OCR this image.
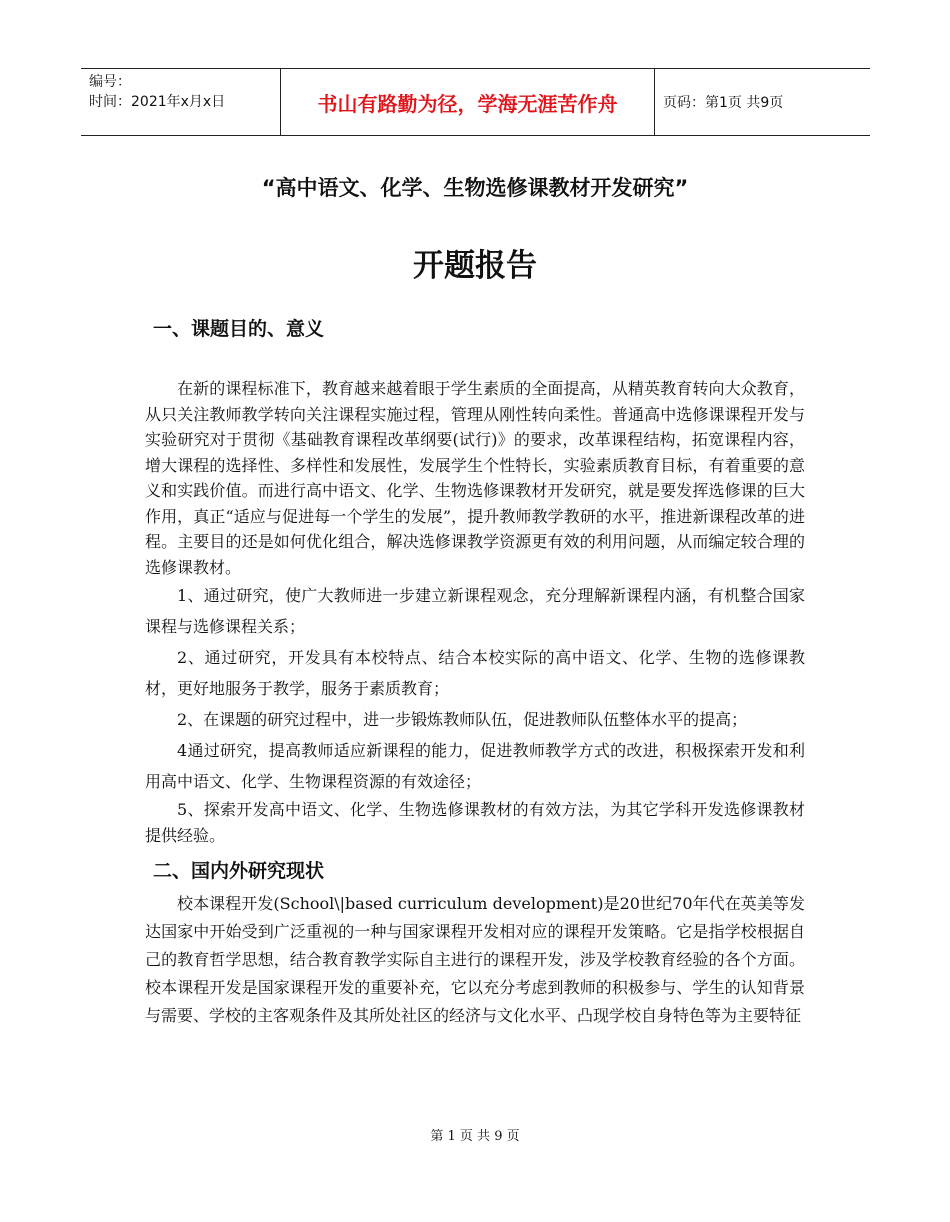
编号：
时间：2021年x月x日	书山有路勤为径，学海无涯苦作舟	页码：第1页 共9页
“高中语文、化学、生物选修课教材开发研究”
开题报告
一、课题目的、意义

在新的课程标准下，教育越来越着眼于学生素质的全面提高，从精英教育转向大众教育，从只关注教师教学转向关注课程实施过程，管理从刚性转向柔性。普通高中选修课课程开发与实验研究对于贯彻《基础教育课程改革纲要(试行)》的要求，改革课程结构，拓宽课程内容，增大课程的选择性、多样性和发展性，发展学生个性特长，实验素质教育目标，有着重要的意义和实践价值。而进行高中语文、化学、生物选修课教材开发研究，就是要发挥选修课的巨大作用，真正“适应与促进每一个学生的发展”，提升教师教学教研的水平，推进新课程改革的进程。主要目的还是如何优化组合，解决选修课教学资源更有效的利用问题，从而编定较合理的选修课教材。

1、通过研究，使广大教师进一步建立新课程观念，充分理解新课程内涵，有机整合国家课程与选修课程关系；

2、通过研究，开发具有本校特点、结合本校实际的高中语文、化学、生物的选修课教材，更好地服务于教学，服务于素质教育；

2、在课题的研究过程中，进一步锻炼教师队伍，促进教师队伍整体水平的提高；

4通过研究，提高教师适应新课程的能力，促进教师教学方式的改进，积极探索开发和利用高中语文、化学、生物课程资源的有效途径；

5、探索开发高中语文、化学、生物选修课教材的有效方法，为其它学科开发选修课教材提供经验。

二、国内外研究现状

校本课程开发(School\|based curriculum development)是20世纪70年代在英美等发达国家中开始受到广泛重视的一种与国家课程开发相对应的课程开发策略。它是指学校根据自己的教育哲学思想，结合教育教学实际自主进行的课程开发，涉及学校教育经验的各个方面。校本课程开发是国家课程开发的重要补充，它以充分考虑到教师的积极参与、学生的认知背景与需要、学校的主客观条件及其所处社区的经济与文化水平、凸现学校自身特色等为主要特征

第 1 页 共 9 页
